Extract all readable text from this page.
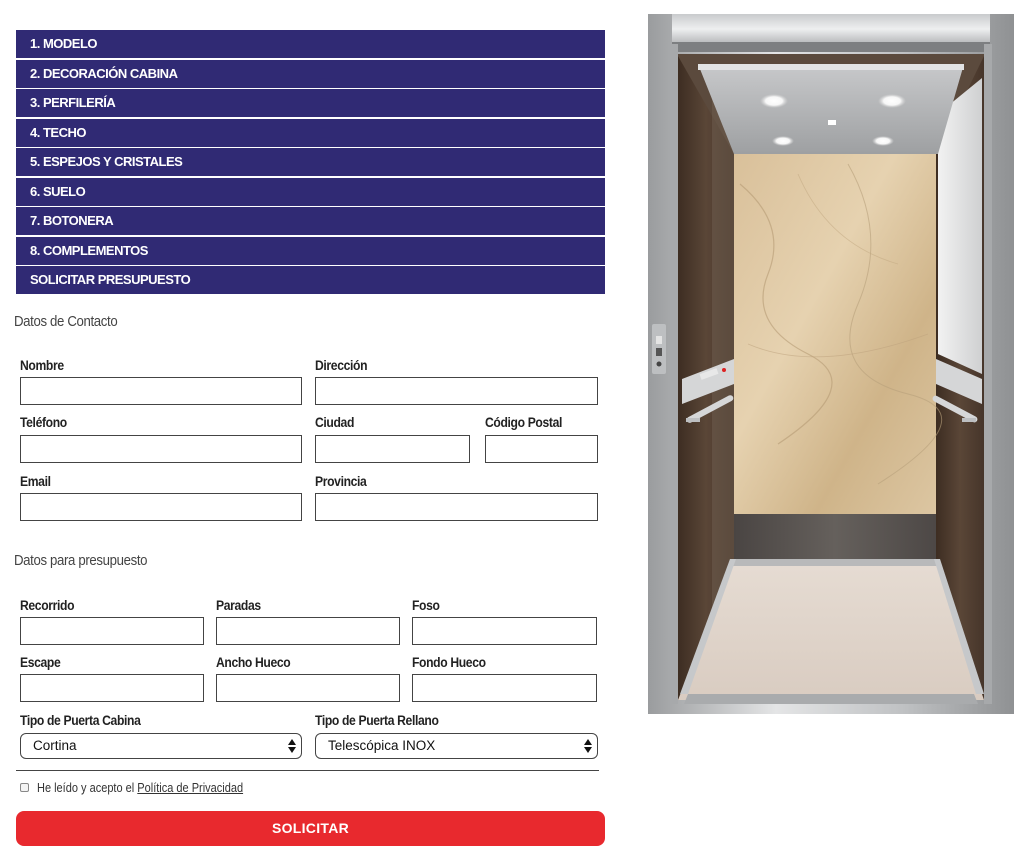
1. MODELO
2. DECORACIÓN CABINA
3. PERFILERÍA
4. TECHO
5. ESPEJOS Y CRISTALES
6. SUELO
7. BOTONERA
8. COMPLEMENTOS
SOLICITAR PRESUPUESTO
Datos de Contacto
Nombre	Dirección
Teléfono	Ciudad	Código Postal
Email	Provincia
Datos para presupuesto
Recorrido	Paradas	Foso
Escape	Ancho Hueco	Fondo Hueco
Tipo de Puerta Cabina
Cortina
Tipo de Puerta Rellano
Telescópica INOX
He leído y acepto el Política de Privacidad
SOLICITAR
